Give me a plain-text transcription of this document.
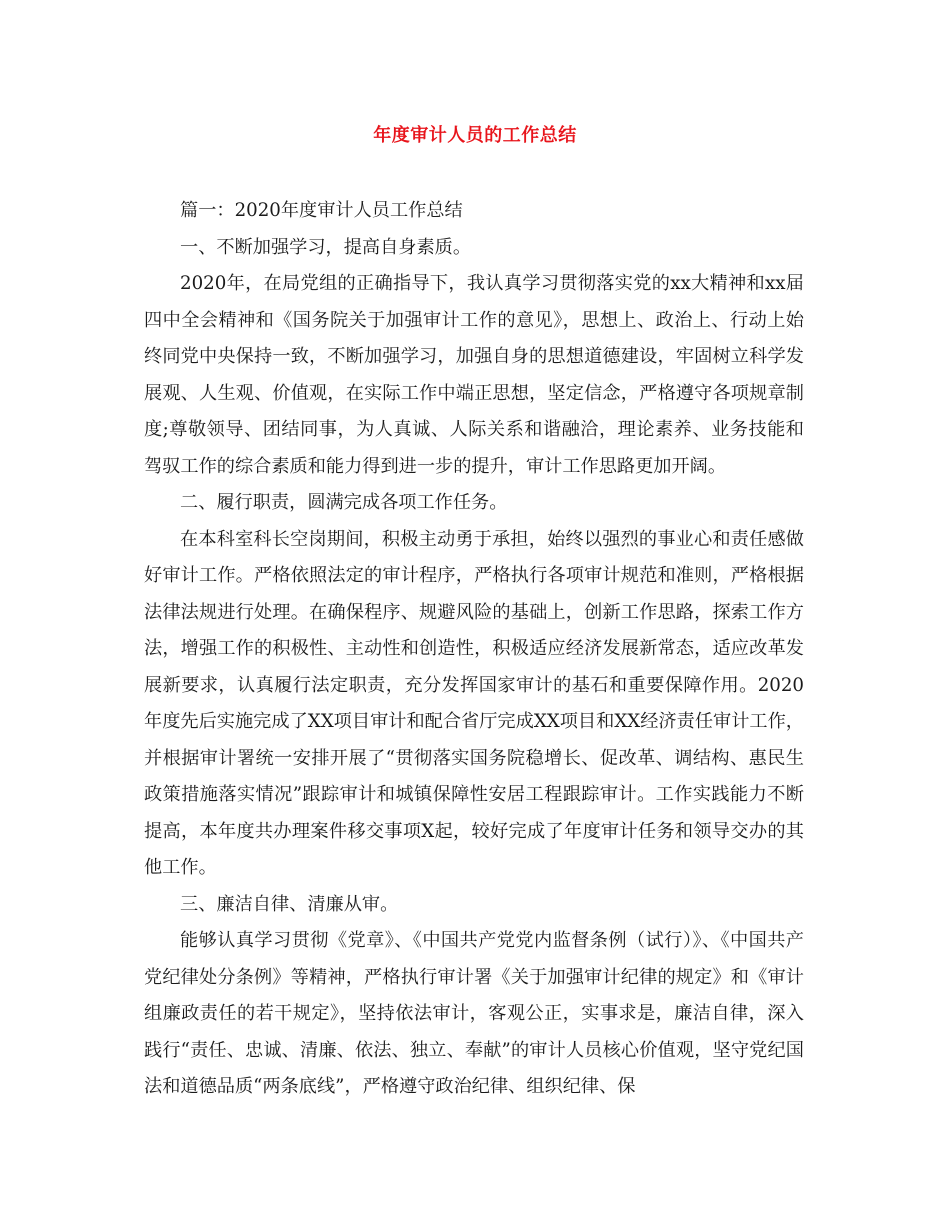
年度审计人员的工作总结

篇一：2020年度审计人员工作总结

一、不断加强学习，提高自身素质。

2020年，在局党组的正确指导下，我认真学习贯彻落实党的xx大精神和xx届四中全会精神和《国务院关于加强审计工作的意见》，思想上、政治上、行动上始终同党中央保持一致，不断加强学习，加强自身的思想道德建设，牢固树立科学发展观、人生观、价值观，在实际工作中端正思想，坚定信念，严格遵守各项规章制度;尊敬领导、团结同事，为人真诚、人际关系和谐融洽，理论素养、业务技能和驾驭工作的综合素质和能力得到进一步的提升，审计工作思路更加开阔。

二、履行职责，圆满完成各项工作任务。

在本科室科长空岗期间，积极主动勇于承担，始终以强烈的事业心和责任感做好审计工作。严格依照法定的审计程序，严格执行各项审计规范和准则，严格根据法律法规进行处理。在确保程序、规避风险的基础上，创新工作思路，探索工作方法，增强工作的积极性、主动性和创造性，积极适应经济发展新常态，适应改革发展新要求，认真履行法定职责，充分发挥国家审计的基石和重要保障作用。2020年度先后实施完成了XX项目审计和配合省厅完成XX项目和XX经济责任审计工作，并根据审计署统一安排开展了“贯彻落实国务院稳增长、促改革、调结构、惠民生政策措施落实情况”跟踪审计和城镇保障性安居工程跟踪审计。工作实践能力不断提高，本年度共办理案件移交事项X起，较好完成了年度审计任务和领导交办的其他工作。

三、廉洁自律、清廉从审。

能够认真学习贯彻《党章》、《中国共产党党内监督条例（试行）》、《中国共产党纪律处分条例》等精神，严格执行审计署《关于加强审计纪律的规定》和《审计组廉政责任的若干规定》，坚持依法审计，客观公正，实事求是，廉洁自律，深入践行“责任、忠诚、清廉、依法、独立、奉献”的审计人员核心价值观，坚守党纪国法和道德品质“两条底线”，严格遵守政治纪律、组织纪律、保
